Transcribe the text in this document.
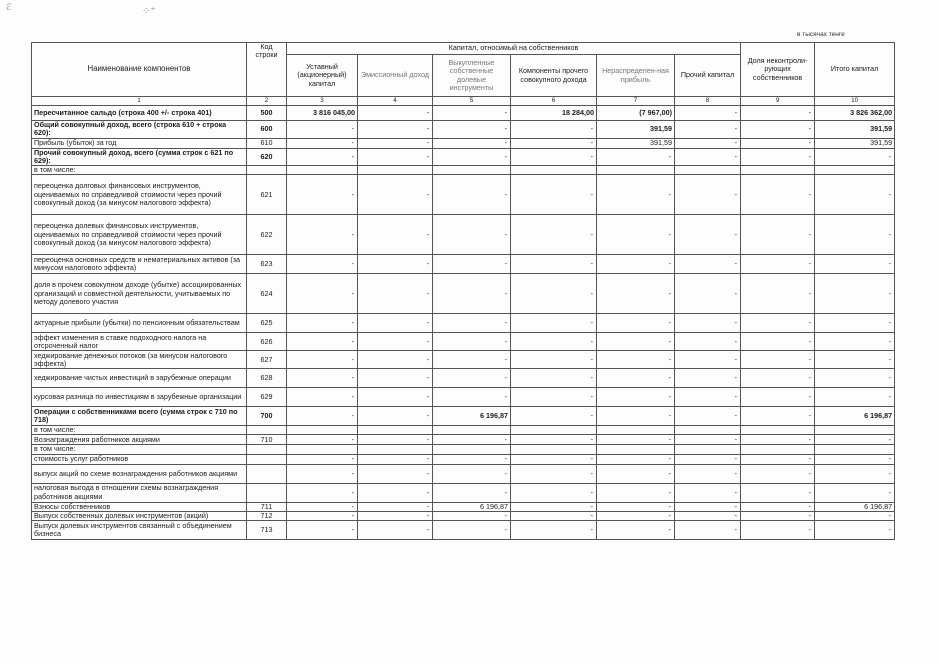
ℰ	⁘⁺
в тысячах тенге
Наименование компонентов	Код строки	Капитал, относимый на собственников						Доля неконтроли-рующих собственников	Итого капитал
		Уставный (акционерный) капитал	Эмиссионный доход	Выкупленные собственные долевые инструменты	Компоненты прочего совокупного дохода	Нераспределен-ная прибыль	Прочий капитал		
1	2	3	4	5	6	7	8	9	10
Пересчитанное сальдо (строка 400 +/- строка 401)	500	3 816 045,00	-	-	18 284,00	(7 967,00)	-	-	3 826 362,00
Общий совокупный доход, всего (строка 610 + строка 620):	600	-	-	-	-	391,59	-	-	391,59
Прибыль (убыток) за год	610	-	-	-	-	391,59	-	-	391,59
Прочий совокупный доход, всего (сумма строк с 621 по 629):	620	-	-	-	-	-	-	-	-
в том числе:									
переоценка долговых финансовых инструментов, оцениваемых по справедливой стоимости через прочий совокупный доход (за минусом налогового эффекта)	621	-	-	-	-	-	-	-	-
переоценка долевых финансовых инструментов, оцениваемых по справедливой стоимости через прочий совокупный доход (за минусом налогового эффекта)	622	-	-	-	-	-	-	-	-
переоценка основных средств и нематериальных активов (за минусом налогового эффекта)	623	-	-	-	-	-	-	-	-
доля в прочем совокупном доходе (убытке) ассоциированных организаций и совместной деятельности, учитываемых по методу долевого участия	624	-	-	-	-	-	-	-	-
актуарные прибыли (убытки) по пенсионным обязательствам	625	-	-	-	-	-	-	-	-
эффект изменения в ставке подоходного налога на отсроченный налог	626	-	-	-	-	-	-	-	-
хеджирование денежных потоков (за минусом налогового эффекта)	627	-	-	-	-	-	-	-	-
хеджирование чистых инвестиций в зарубежные операции	628	-	-	-	-	-	-	-	-
курсовая разница по инвестициям в зарубежные организации	629	-	-	-	-	-	-	-	-
Операции с собственниками всего (сумма строк с 710 по 718)	700	-	-	6 196,87	-	-	-	-	6 196,87
в том числе:									
Вознаграждения работников акциями	710	-	-	-	-	-	-	-	-
в том числе:									
стоимость услуг работников		-	-	-	-	-	-	-	-
выпуск акций по схеме вознаграждения работников акциями		-	-	-	-	-	-	-	-
налоговая выгода в отношении схемы вознаграждения работников акциями		-	-	-	-	-	-	-	-
Взносы собственников	711	-	-	6 196,87	-	-	-	-	6 196,87
Выпуск собственных долевых инструментов (акций)	712	-	-	-	-	-	-	-	-
Выпуск долевых инструментов связанный с объединением бизнеса	713	-	-	-	-	-	-	-	-
